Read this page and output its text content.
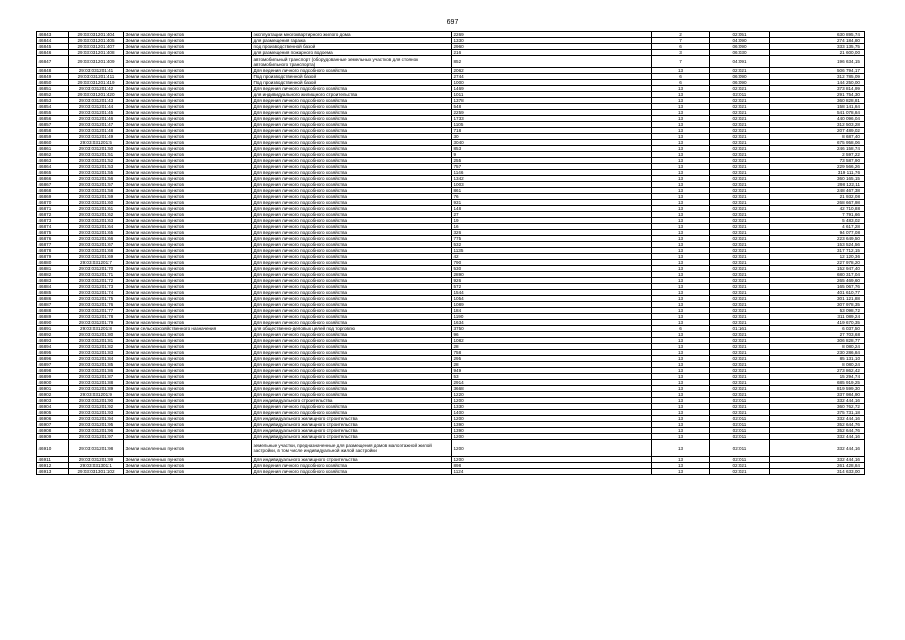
697
46843	29:03:031201:404	Земли населенных пунктов	эксплуатации многоквартирного жилого дома	2269	2	02:051	630 895,74
46844	29:03:031201:405	Земли населенных пунктов	для размещения гаража	1330	7	04:090	274 184,80
46845	29:03:031201:407	Земли населенных пунктов	под производственной базой	2960	6	06:090	333 135,75
46846	29:03:031201:408	Земли населенных пунктов	для размещения пожарного водоема	216	3	06:030	21 600,00
46847	29:03:031201:409	Земли населенных пунктов	автомобильный транспорт (оборудованные земельных участков для стоянок автомобильного транспорта)	852	7	04:091	196 634,15
46848	29:03:031201:41	Земли населенных пунктов	Для ведения личного подсобного хозяйства	2062	13	02:021	506 794,17
46849	29:03:031201:411	Земли населенных пунктов	Под производственной базой	2744	6	06:090	312 785,09
46850	29:03:031201:419	Земли населенных пунктов	Под производственной базой	1000	6	06:090	144 250,00
46851	29:03:031201:42	Земли населенных пунктов	Для ведения личного подсобного хозяйства	1469	13	02:021	373 814,99
46852	29:03:031201:420	Земли населенных пунктов	для индивидуального жилищного строительства	1011	13	02:011	291 754,30
46853	29:03:031201:43	Земли населенных пунктов	Для ведения личного подсобного хозяйства	1378	13	02:021	360 828,81
46854	29:03:031201:44	Земли населенных пунктов	Для ведения личного подсобного хозяйства	548	13	02:021	158 141,84
46855	29:03:031201:45	Земли населенных пунктов	Для ведения личного подсобного хозяйства	2259	13	02:021	541 078,84
46856	29:03:031201:46	Земли населенных пунктов	Для ведения личного подсобного хозяйства	1733	13	02:021	440 096,04
46857	29:03:031201:47	Земли населенных пунктов	Для ведения личного подсобного хозяйства	1105	13	02:021	312 503,28
46858	29:03:031201:48	Земли населенных пунктов	Для ведения личного подсобного хозяйства	718	13	02:021	207 489,02
46859	29:03:031201:49	Земли населенных пунктов	Для ведения личного подсобного хозяйства	30	13	02:021	8 687,40
46860	29:03:031201:5	Земли населенных пунктов	Для ведения личного подсобного хозяйства	3040	13	02:021	675 958,06
46861	29:03:031201:50	Земли населенных пунктов	Для ведения личного подсобного хозяйства	853	13	02:021	246 158,74
46862	29:03:031201:51	Земли населенных пунктов	Для ведения личного подсобного хозяйства	9	13	02:021	2 597,22
46863	29:03:031201:52	Земли населенных пунктов	Для ведения личного подсобного хозяйства	255	13	02:021	73 587,90
46864	29:03:031201:53	Земли населенных пунктов	Для ведения личного подсобного хозяйства	757	13	02:021	229 566,26
46865	29:03:031201:55	Земли населенных пунктов	Для ведения личного подсобного хозяйства	1146	13	02:021	319 111,76
46866	29:03:031201:56	Земли населенных пунктов	Для ведения личного подсобного хозяйства	1342	13	02:021	360 165,15
46867	29:03:031201:57	Земли населенных пунктов	Для ведения личного подсобного хозяйства	1003	13	02:021	298 122,11
46868	29:03:031201:58	Земли населенных пунктов	Для ведения личного подсобного хозяйства	861	13	02:021	248 467,38
46869	29:03:031201:59	Земли населенных пунктов	Для ведения личного подсобного хозяйства	76	13	02:021	21 932,08
46870	29:03:031201:60	Земли населенных пунктов	Для ведения личного подсобного хозяйства	931	13	02:021	268 667,98
46871	29:03:031201:61	Земли населенных пунктов	Для ведения личного подсобного хозяйства	148	13	02:021	42 710,88
46872	29:03:031201:62	Земли населенных пунктов	Для ведения личного подсобного хозяйства	27	13	02:021	7 791,66
46873	29:03:031201:63	Земли населенных пунктов	Для ведения личного подсобного хозяйства	19	13	02:021	5 483,02
46874	29:03:031201:64	Земли населенных пунктов	Для ведения личного подсобного хозяйства	16	13	02:021	4 617,28
46875	29:03:031201:65	Земли населенных пунктов	Для ведения личного подсобного хозяйства	326	13	02:021	94 077,08
46876	29:03:031201:66	Земли населенных пунктов	Для ведения личного подсобного хозяйства	775	13	02:021	223 649,50
46877	29:03:031201:67	Земли населенных пунктов	Для ведения личного подсобного хозяйства	532	13	02:021	153 524,56
46878	29:03:031201:68	Земли населенных пунктов	Для ведения личного подсобного хозяйства	1135	13	02:021	317 712,15
46879	29:03:031201:69	Земли населенных пунктов	Для ведения личного подсобного хозяйства	42	13	02:021	12 120,36
46880	29:03:031201:7	Земли населенных пунктов	Для ведения личного подсобного хозяйства	790	13	02:021	227 978,20
46881	29:03:031201:70	Земли населенных пунктов	Для ведения личного подсобного хозяйства	530	13	02:021	152 947,40
46882	29:03:031201:71	Земли населенных пунктов	Для ведения личного подсобного хозяйства	2890	13	02:021	680 317,04
46883	29:03:031201:72	Земли населенных пунктов	Для ведения личного подсобного хозяйства	926	13	02:021	265 469,60
46884	29:03:031201:73	Земли населенных пунктов	Для ведения личного подсобного хозяйства	572	13	02:021	165 067,76
46885	29:03:031201:74	Земли населенных пунктов	Для ведения личного подсобного хозяйства	1544	13	02:021	401 610,77
46886	29:03:031201:75	Земли населенных пунктов	Для ведения личного подсобного хозяйства	1054	13	02:021	301 121,88
46887	29:03:031201:76	Земли населенных пунктов	Для ведения личного подсобного хозяйства	1089	13	02:021	307 978,35
46888	29:03:031201:77	Земли населенных пунктов	Для ведения личного подсобного хозяйства	184	13	02:021	53 098,72
46889	29:03:031201:78	Земли населенных пунктов	Для ведения личного подсобного хозяйства	1190	13	02:021	311 089,24
46890	29:03:031201:79	Земли населенных пунктов	Для ведения личного подсобного хозяйства	1634	13	02:021	419 670,35
46891	29:03:031201:8	Земли сельскохозяйственного назначения	для общественно-деловых целей под торговлю	3750	6	01:161	6 037,50
46892	29:03:031201:80	Земли населенных пунктов	Для ведения личного подсобного хозяйства	96	13	02:021	27 703,68
46893	29:03:031201:81	Земли населенных пунктов	Для ведения личного подсобного хозяйства	1082	13	02:021	306 828,77
46894	29:03:031201:82	Земли населенных пунктов	Для ведения личного подсобного хозяйства	28	13	02:021	8 080,24
46895	29:03:031201:83	Земли населенных пунктов	Для ведения личного подсобного хозяйства	758	13	02:021	230 286,84
46896	29:03:031201:84	Земли населенных пунктов	Для ведения личного подсобного хозяйства	295	13	02:021	85 131,10
46897	29:03:031201:85	Земли населенных пунктов	Для ведения личного подсобного хозяйства	28	13	02:021	8 080,24
46898	29:03:031201:86	Земли населенных пунктов	Для ведения личного подсобного хозяйства	949	13	02:021	273 862,42
46899	29:03:031201:87	Земли населенных пунктов	Для ведения личного подсобного хозяйства	53	13	02:021	15 294,74
46900	29:03:031201:88	Земли населенных пунктов	Для ведения личного подсобного хозяйства	2914	13	02:021	685 919,25
46901	29:03:031201:89	Земли населенных пунктов	Для ведения личного подсобного хозяйства	3668	13	02:021	819 599,30
46902	29:03:031201:9	Земли населенных пунктов	Для ведения личного подсобного хозяйства	1220	13	02:021	337 984,90
46903	29:03:031201:90	Земли населенных пунктов	Для индивидуального строительства	1200	13	02:011	332 444,16
46904	29:03:031201:92	Земли населенных пунктов	Для ведения личного подсобного хозяйства	1330	13	02:021	360 762,72
46905	29:03:031201:93	Земли населенных пунктов	Для ведения личного подсобного хозяйства	1400	13	02:021	375 731,18
46906	29:03:031201:94	Земли населенных пунктов	Для индивидуального жилищного строительства	1200	13	02:011	332 444,16
46907	29:03:031201:95	Земли населенных пунктов	Для индивидуального жилищного строительства	1390	13	02:011	352 644,76
46908	29:03:031201:96	Земли населенных пунктов	Для индивидуального жилищного строительства	1390	13	02:011	352 644,76
46909	29:03:031201:97	Земли населенных пунктов	Для индивидуального жилищного строительства	1200	13	02:011	332 444,16
46910	29:03:031201:98	Земли населенных пунктов	земельные участки, предназначенные для размещения домов малоэтажной жилой застройки, в том числе индивидуальной жилой застройки	1200	13	02:011	332 444,16
46911	29:03:031201:99	Земли населенных пунктов	Для индивидуального жилищного строительства	1200	13	02:011	332 444,16
46912	29:03:031301:1	Земли населенных пунктов	Для ведения личного подсобного хозяйства	898	13	02:021	261 428,84
46913	29:03:031301:102	Земли населенных пунктов	Для ведения личного подсобного хозяйства	1124	13	02:021	314 633,00
